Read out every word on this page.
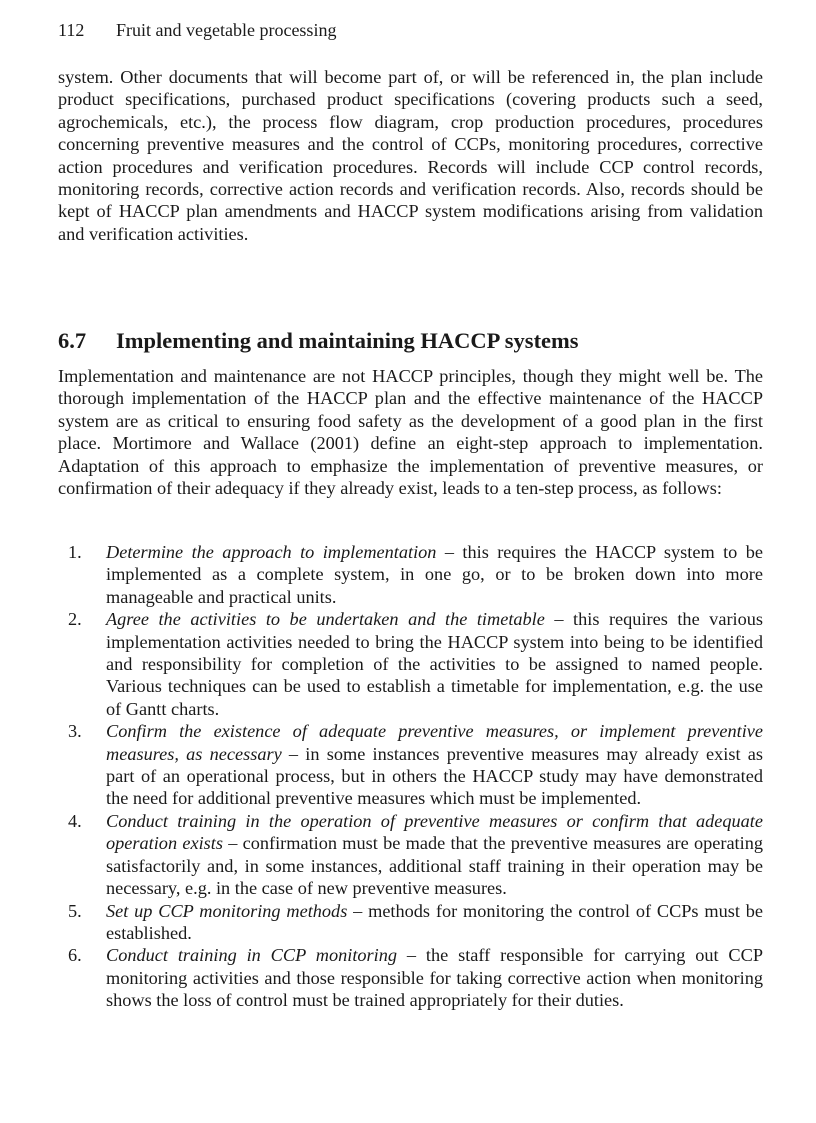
112 Fruit and vegetable processing

system. Other documents that will become part of, or will be referenced in, the plan include product specifications, purchased product specifications (covering products such a seed, agrochemicals, etc.), the process flow diagram, crop production procedures, procedures concerning preventive measures and the control of CCPs, monitoring procedures, corrective action procedures and verification procedures. Records will include CCP control records, monitoring records, corrective action records and verification records. Also, records should be kept of HACCP plan amendments and HACCP system modifications arising from validation and verification activities.

6.7 Implementing and maintaining HACCP systems

Implementation and maintenance are not HACCP principles, though they might well be. The thorough implementation of the HACCP plan and the effective maintenance of the HACCP system are as critical to ensuring food safety as the development of a good plan in the first place. Mortimore and Wallace (2001) define an eight-step approach to implementation. Adaptation of this approach to emphasize the implementation of preventive measures, or confirmation of their adequacy if they already exist, leads to a ten-step process, as follows:

1. Determine the approach to implementation – this requires the HACCP system to be implemented as a complete system, in one go, or to be broken down into more manageable and practical units.
2. Agree the activities to be undertaken and the timetable – this requires the various implementation activities needed to bring the HACCP system into being to be identified and responsibility for completion of the activities to be assigned to named people. Various techniques can be used to establish a timetable for implementation, e.g. the use of Gantt charts.
3. Confirm the existence of adequate preventive measures, or implement preventive measures, as necessary – in some instances preventive measures may already exist as part of an operational process, but in others the HACCP study may have demonstrated the need for additional preventive measures which must be implemented.
4. Conduct training in the operation of preventive measures or confirm that adequate operation exists – confirmation must be made that the preventive measures are operating satisfactorily and, in some instances, additional staff training in their operation may be necessary, e.g. in the case of new preventive measures.
5. Set up CCP monitoring methods – methods for monitoring the control of CCPs must be established.
6. Conduct training in CCP monitoring – the staff responsible for carrying out CCP monitoring activities and those responsible for taking corrective action when monitoring shows the loss of control must be trained appropriately for their duties.
